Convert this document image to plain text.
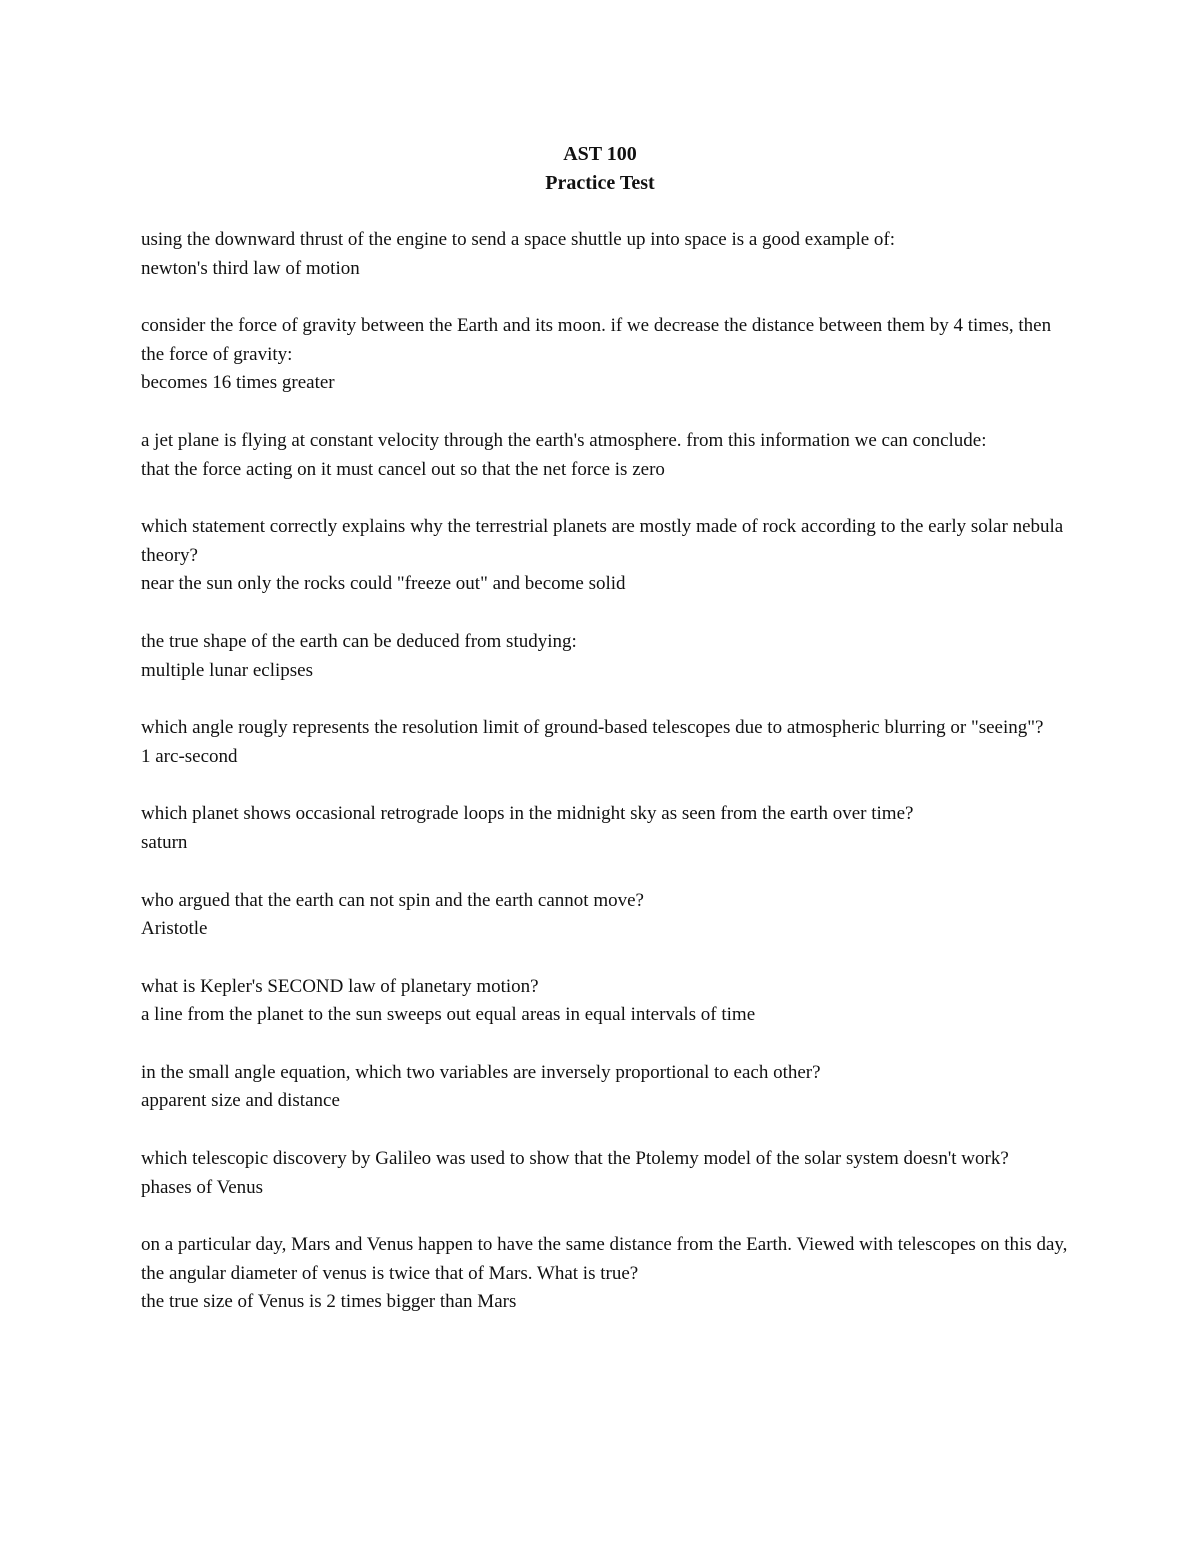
AST 100
Practice Test
using the downward thrust of the engine to send a space shuttle up into space is a good example of:
newton's third law of motion
consider the force of gravity between the Earth and its moon. if we decrease the distance between them by 4 times, then the force of gravity:
becomes 16 times greater
a jet plane is flying at constant velocity through the earth's atmosphere. from this information we can conclude:
that the force acting on it must cancel out so that the net force is zero
which statement correctly explains why the terrestrial planets are mostly made of rock according to the early solar nebula theory?
near the sun only the rocks could "freeze out" and become solid
the true shape of the earth can be deduced from studying:
multiple lunar eclipses
which angle rougly represents the resolution limit of ground-based telescopes due to atmospheric blurring or "seeing"?
1 arc-second
which planet shows occasional retrograde loops in the midnight sky as seen from the earth over time?
saturn
who argued that the earth can not spin and the earth cannot move?
Aristotle
what is Kepler's SECOND law of planetary motion?
a line from the planet to the sun sweeps out equal areas in equal intervals of time
in the small angle equation, which two variables are inversely proportional to each other?
apparent size and distance
which telescopic discovery by Galileo was used to show that the Ptolemy model of the solar system doesn't work?
phases of Venus
on a particular day, Mars and Venus happen to have the same distance from the Earth. Viewed with telescopes on this day, the angular diameter of venus is twice that of Mars. What is true?
the true size of Venus is 2 times bigger than Mars
